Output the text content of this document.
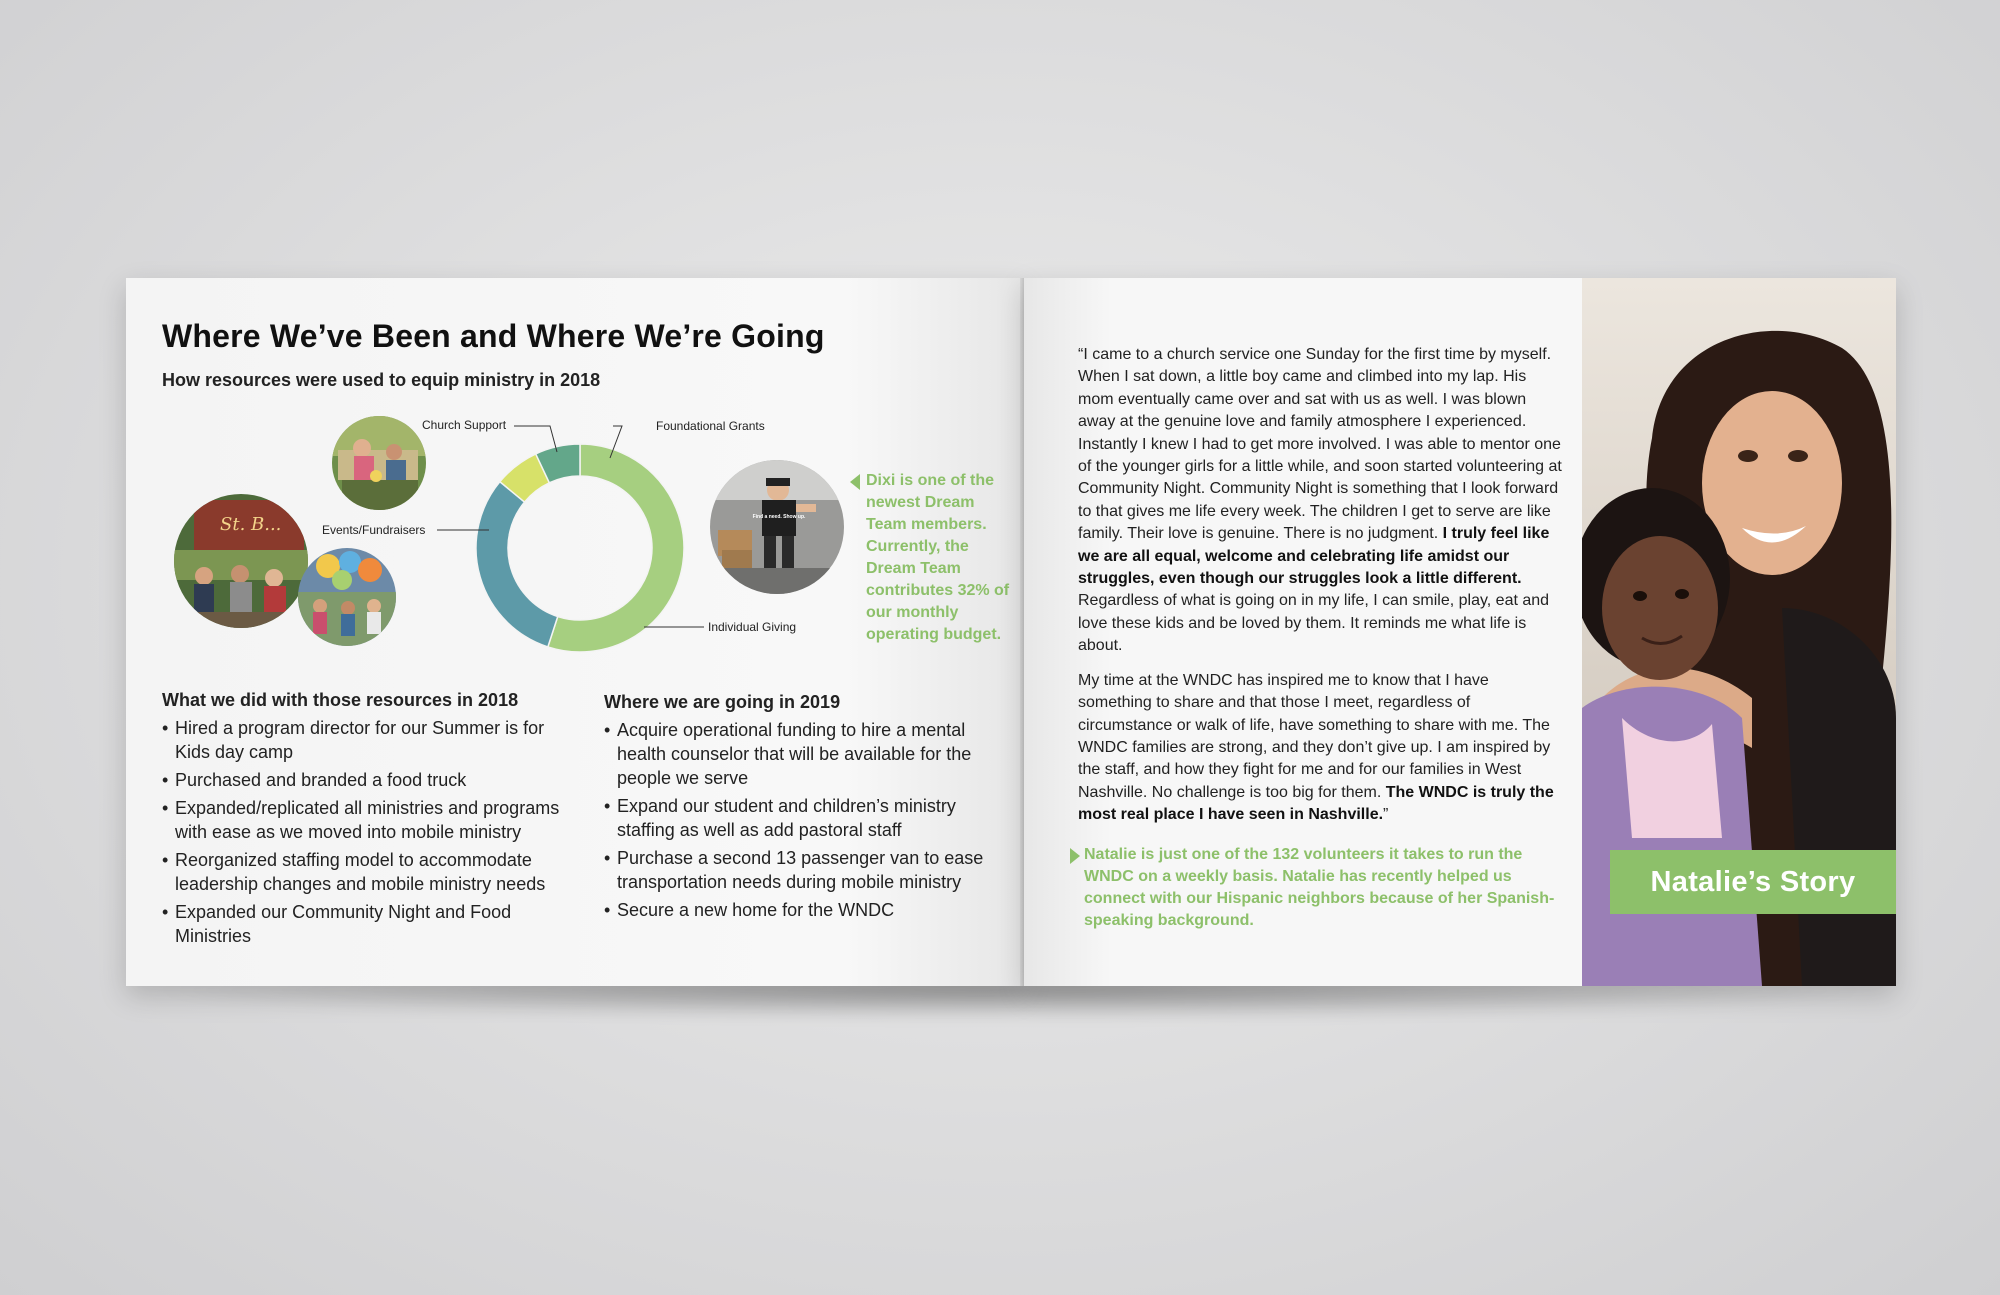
Where We’ve Been and Where We’re Going
How resources were used to equip ministry in 2018
St. B...
Church Support	Foundational Grants
Events/Fundraisers
Individual Giving
Find a need. Show up.
Dixi is one of the newest Dream Team members. Currently, the Dream Team contributes 32% of our monthly operating budget.
What we did with those resources in 2018
• Hired a program director for our Summer is for Kids day camp
• Purchased and branded a food truck
• Expanded/replicated all ministries and programs with ease as we moved into mobile ministry
• Reorganized staffing model to accommodate leadership changes and mobile ministry needs
• Expanded our Community Night and Food Ministries
Where we are going in 2019
• Acquire operational funding to hire a mental health counselor that will be available for the people we serve
• Expand our student and children’s ministry staffing as well as add pastoral staff
• Purchase a second 13 passenger van to ease transportation needs during mobile ministry
• Secure a new home for the WNDC

“I came to a church service one Sunday for the first time by myself. When I sat down, a little boy came and climbed into my lap. His mom eventually came over and sat with us as well. I was blown away at the genuine love and family atmosphere I experienced. Instantly I knew I had to get more involved. I was able to mentor one of the younger girls for a little while, and soon started volunteering at Community Night. Community Night is something that I look forward to that gives me life every week. The children I get to serve are like family. Their love is genuine. There is no judgment. I truly feel like we are all equal, welcome and celebrating life amidst our struggles, even though our struggles look a little different. Regardless of what is going on in my life, I can smile, play, eat and love these kids and be loved by them. It reminds me what life is about.

My time at the WNDC has inspired me to know that I have something to share and that those I meet, regardless of circumstance or walk of life, have something to share with me. The WNDC families are strong, and they don’t give up. I am inspired by the staff, and how they fight for me and for our families in West Nashville. No challenge is too big for them. The WNDC is truly the most real place I have seen in Nashville.”

Natalie is just one of the 132 volunteers it takes to run the WNDC on a weekly basis. Natalie has recently helped us connect with our Hispanic neighbors because of her Spanish-speaking background.
Natalie’s Story
